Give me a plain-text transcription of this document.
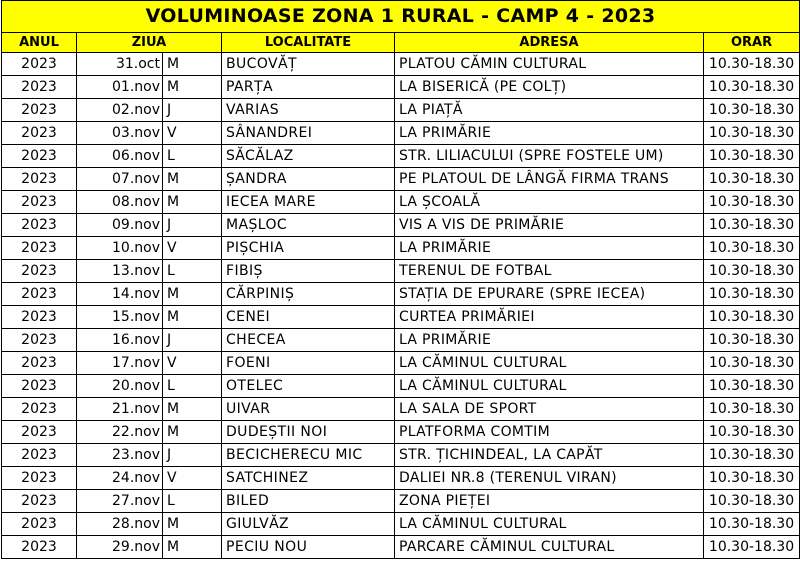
VOLUMINOASE ZONA 1 RURAL - CAMP 4 - 2023					
ANUL	ZIUA		LOCALITATE	ADRESA	ORAR
2023	31.oct	M	BUCOVĂȚ	PLATOU CĂMIN CULTURAL	10.30-18.30
2023	01.nov	M	PARȚA	LA BISERICĂ (PE COLȚ)	10.30-18.30
2023	02.nov	J	VARIAS	LA PIAȚĂ	10.30-18.30
2023	03.nov	V	SÂNANDREI	LA PRIMĂRIE	10.30-18.30
2023	06.nov	L	SĂCĂLAZ	STR. LILIACULUI (SPRE FOSTELE UM)	10.30-18.30
2023	07.nov	M	ȘANDRA	PE PLATOUL DE LÂNGĂ FIRMA TRANS	10.30-18.30
2023	08.nov	M	IECEA MARE	LA ȘCOALĂ	10.30-18.30
2023	09.nov	J	MAȘLOC	VIS A VIS DE PRIMĂRIE	10.30-18.30
2023	10.nov	V	PIȘCHIA	LA PRIMĂRIE	10.30-18.30
2023	13.nov	L	FIBIȘ	TERENUL DE FOTBAL	10.30-18.30
2023	14.nov	M	CĂRPINIȘ	STAȚIA DE EPURARE (SPRE IECEA)	10.30-18.30
2023	15.nov	M	CENEI	CURTEA PRIMĂRIEI	10.30-18.30
2023	16.nov	J	CHECEA	LA PRIMĂRIE	10.30-18.30
2023	17.nov	V	FOENI	LA CĂMINUL CULTURAL	10.30-18.30
2023	20.nov	L	OTELEC	LA CĂMINUL CULTURAL	10.30-18.30
2023	21.nov	M	UIVAR	LA SALA DE SPORT	10.30-18.30
2023	22.nov	M	DUDEȘTII NOI	PLATFORMA COMTIM	10.30-18.30
2023	23.nov	J	BECICHERECU MIC	STR. ȚICHINDEAL, LA CAPĂT	10.30-18.30
2023	24.nov	V	SATCHINEZ	DALIEI NR.8 (TERENUL VIRAN)	10.30-18.30
2023	27.nov	L	BILED	ZONA PIEȚEI	10.30-18.30
2023	28.nov	M	GIULVĂZ	LA CĂMINUL CULTURAL	10.30-18.30
2023	29.nov	M	PECIU NOU	PARCARE CĂMINUL CULTURAL	10.30-18.30
